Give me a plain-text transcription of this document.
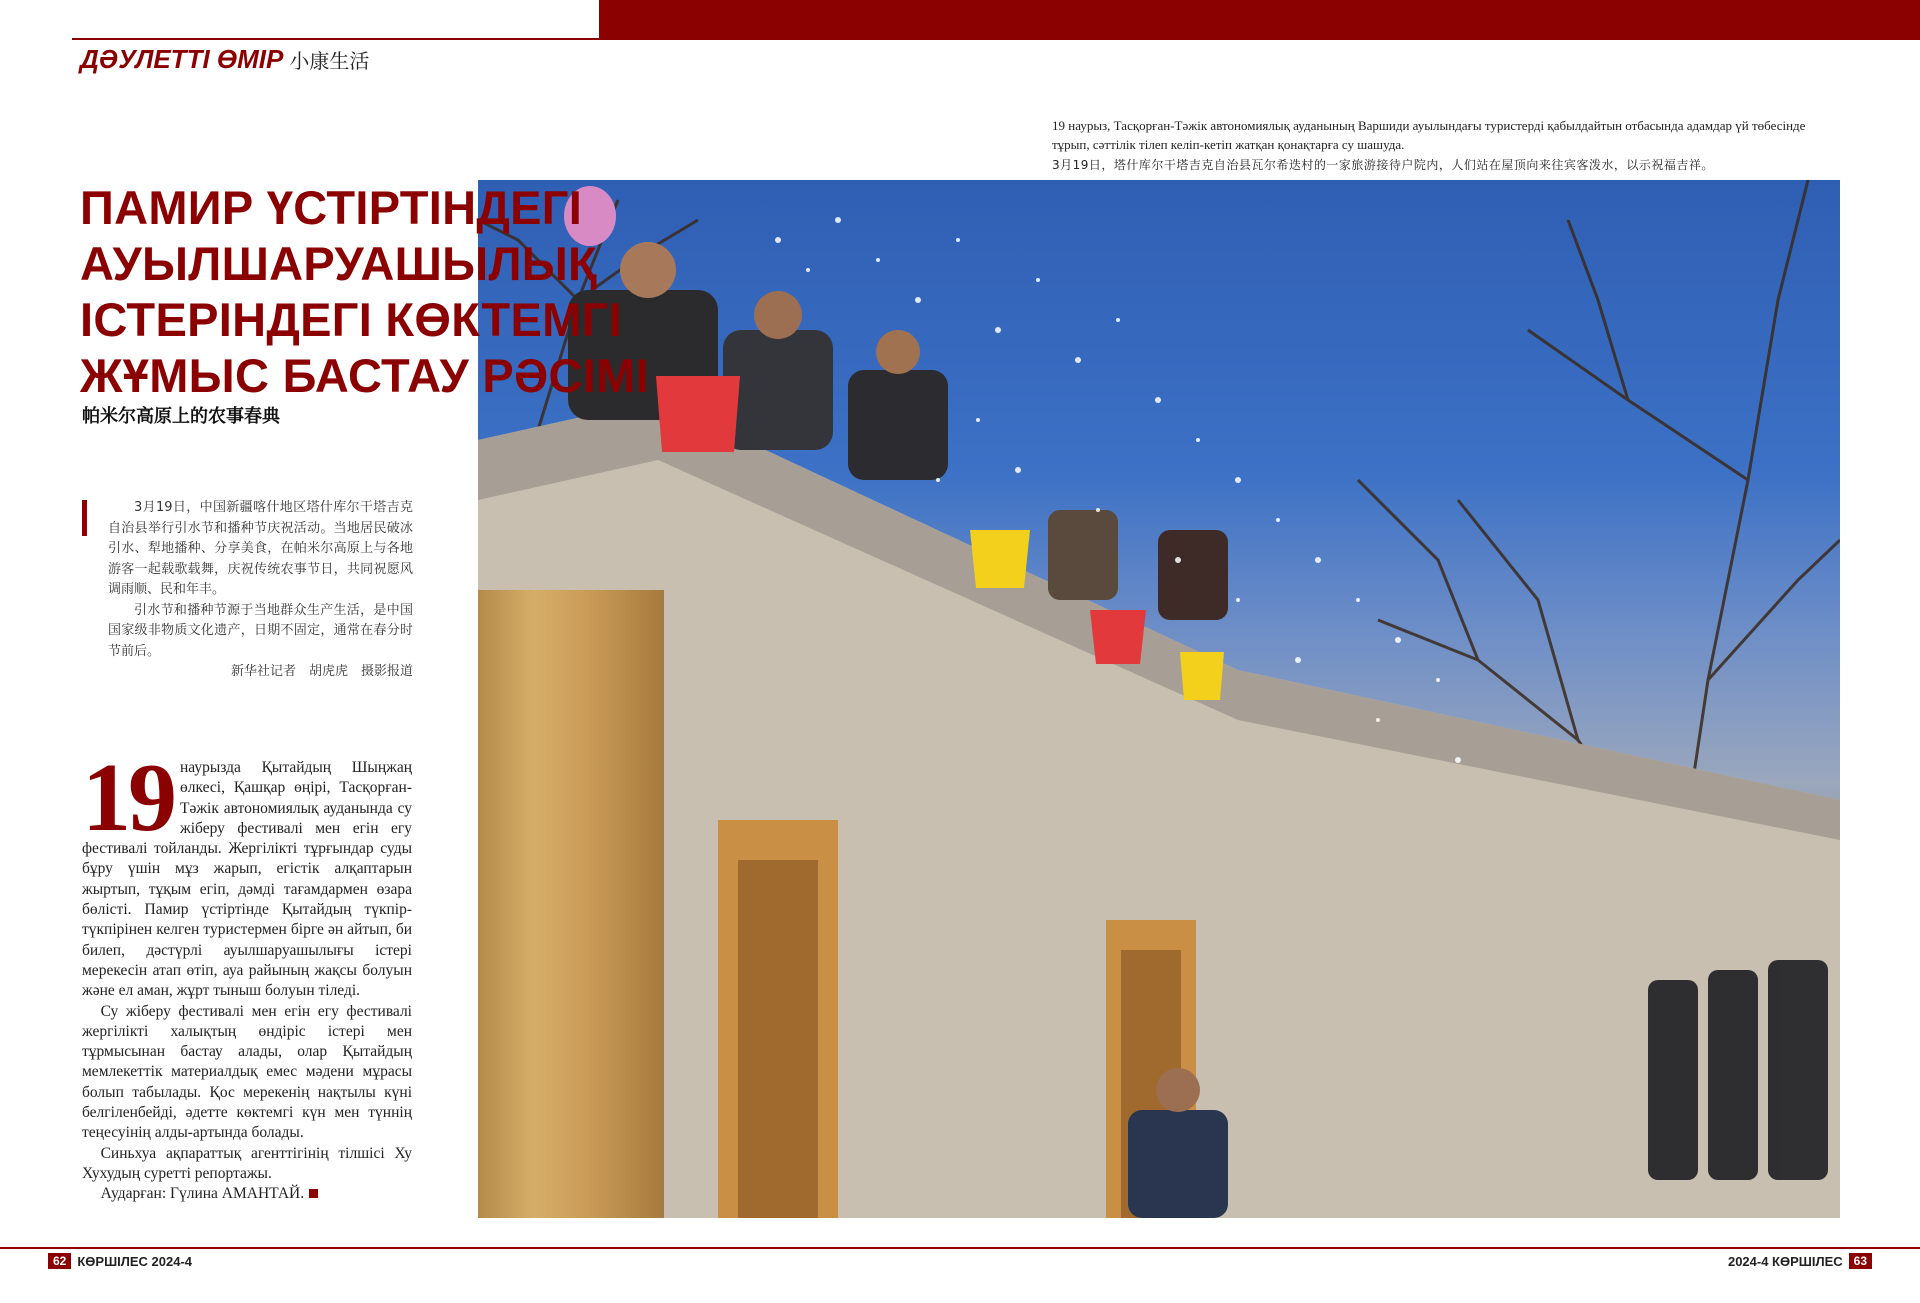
ДӘУЛЕТТІ ӨМІР 小康生活

19 наурыз, Тасқорған-Тәжік автономиялық ауданының Варшиди ауылындағы туристерді қабылдайтын отбасында адамдар үй төбесінде тұрып, сәттілік тілеп келіп-кетіп жатқан қонақтарға су шашуда.

3月19日，塔什库尔干塔吉克自治县瓦尔希迭村的一家旅游接待户院内，人们站在屋顶向来往宾客泼水，以示祝福吉祥。

ПАМИР ҮСТІРТІНДЕГІ
АУЫЛШАРУАШЫЛЫҚ
ІСТЕРІНДЕГІ КӨКТЕМГІ
ЖҰМЫС БАСТАУ РӘСІМІ
帕米尔高原上的农事春典

3月19日，中国新疆喀什地区塔什库尔干塔吉克自治县举行引水节和播种节庆祝活动。当地居民破冰引水、犁地播种、分享美食，在帕米尔高原上与各地游客一起载歌载舞，庆祝传统农事节日，共同祝愿风调雨顺、民和年丰。

引水节和播种节源于当地群众生产生活，是中国国家级非物质文化遗产，日期不固定，通常在春分时节前后。

新华社记者　胡虎虎　摄影报道

19 наурызда Қытайдың Шыңжаң өлкесі, Қашқар өңірі, Тасқорған-Тәжік автономиялық ауданында су жіберу фестивалі мен егін егу фестивалі тойланды. Жергілікті тұрғындар суды бұру үшін мұз жарып, егістік алқаптарын жыртып, тұқым егіп, дәмді тағамдармен өзара бөлісті. Памир үстіртінде Қытайдың түкпір-түкпірінен келген туристермен бірге ән айтып, би билеп, дәстүрлі ауылшаруашылығы істері мерекесін атап өтіп, ауа райының жақсы болуын және ел аман, жұрт тыныш болуын тіледі.

Су жіберу фестивалі мен егін егу фестивалі жергілікті халықтың өндіріс істері мен тұрмысынан бастау алады, олар Қытайдың мемлекеттік материалдық емес мәдени мұрасы болып табылады. Қос мерекенің нақтылы күні белгіленбейді, әдетте көктемгі күн мен түннің теңесуінің алды-артында болады.

Синьхуа ақпараттық агенттігінің тілшісі Ху Хухудың суретті репортажы.

Аударған: Гүлина АМАНТАЙ.

62 КӨРШІЛЕС 2024-4	2024-4 КӨРШІЛЕС 63
